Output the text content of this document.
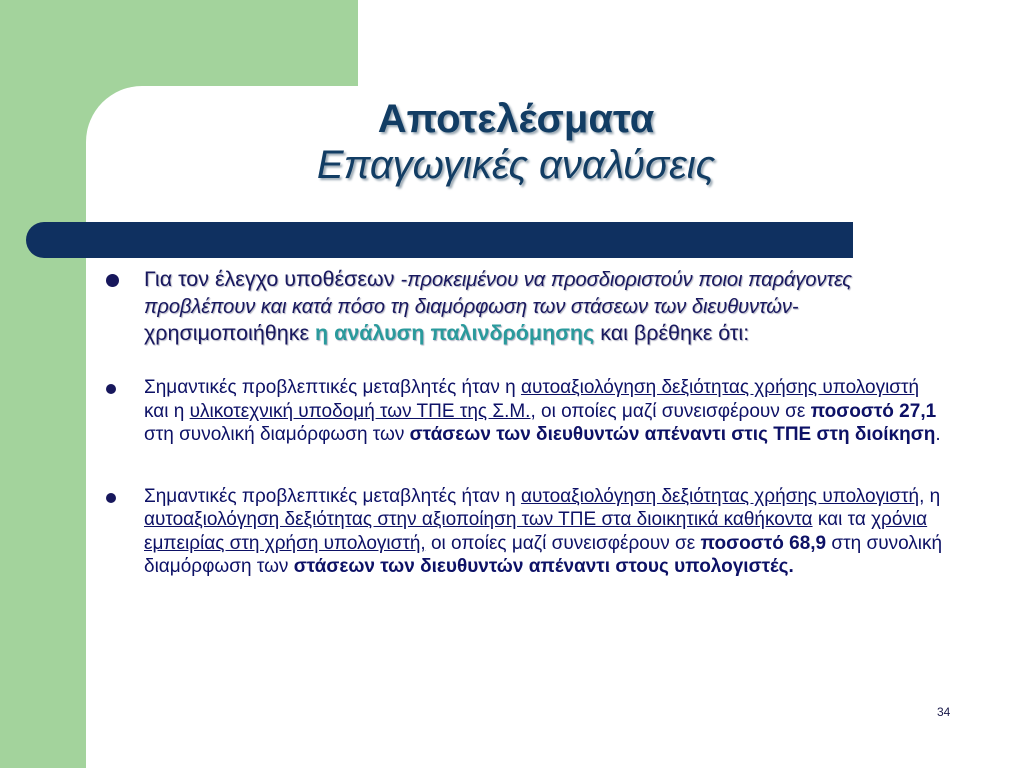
Αποτελέσματα
Επαγωγικές αναλύσεις
Για τον έλεγχο υποθέσεων -προκειμένου να προσδιοριστούν ποιοι παράγοντες προβλέπουν και κατά πόσο τη διαμόρφωση των στάσεων των διευθυντών- χρησιμοποιήθηκε η ανάλυση παλινδρόμησης και βρέθηκε ότι:
Σημαντικές προβλεπτικές μεταβλητές ήταν η αυτοαξιολόγηση δεξιότητας χρήσης υπολογιστή και η υλικοτεχνική υποδομή των ΤΠΕ της Σ.Μ., οι οποίες μαζί συνεισφέρουν σε ποσοστό 27,1 στη συνολική διαμόρφωση των στάσεων των διευθυντών απέναντι στις ΤΠΕ στη διοίκηση.
Σημαντικές προβλεπτικές μεταβλητές ήταν η αυτοαξιολόγηση δεξιότητας χρήσης υπολογιστή, η αυτοαξιολόγηση δεξιότητας στην αξιοποίηση των ΤΠΕ στα διοικητικά καθήκοντα και τα χρόνια εμπειρίας στη χρήση υπολογιστή, οι οποίες μαζί συνεισφέρουν σε ποσοστό 68,9 στη συνολική διαμόρφωση των στάσεων των διευθυντών απέναντι στους υπολογιστές.
34
